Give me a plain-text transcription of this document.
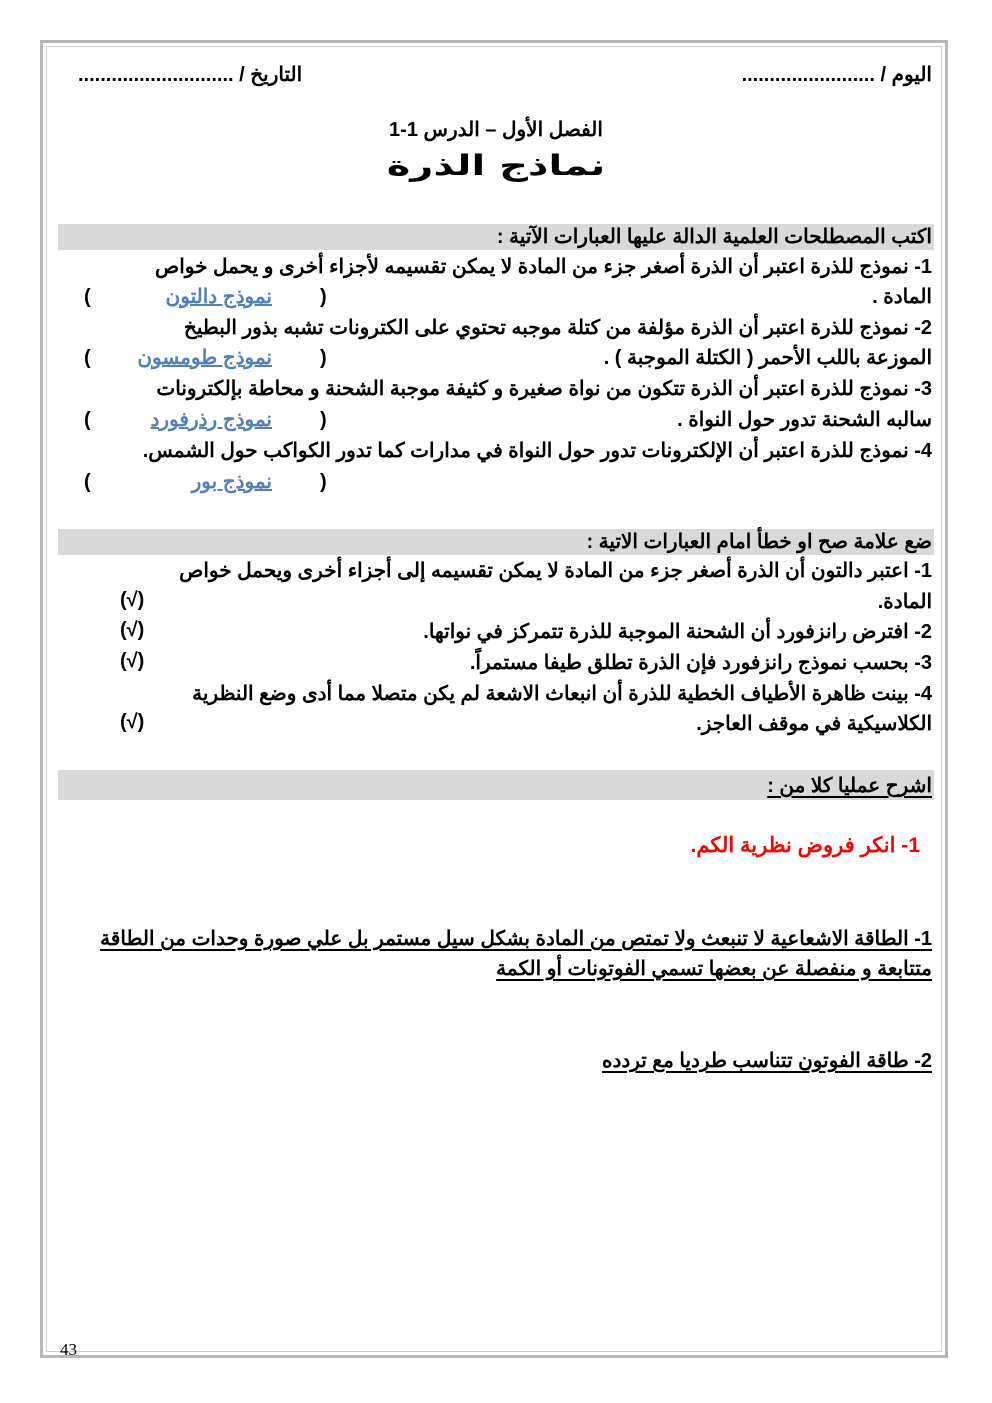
اليوم / ........................
التاريخ / ............................
الفصل الأول – الدرس 1-1
نماذج الذرة
اكتب المصطلحات العلمية الدالة عليها العبارات الآتية :
1- نموذج للذرة اعتبر أن الذرة أصغر جزء من المادة لا يمكن تقسيمه لأجزاء أخرى و يحمل خواص
المادة .
2- نموذج للذرة اعتبر أن الذرة مؤلفة من كتلة موجبه تحتوي على الكترونات تشبه بذور البطيخ
الموزعة باللب الأحمر ( الكتلة الموجبة ) .
3- نموذج للذرة اعتبر أن الذرة تتكون من نواة صغيرة و كثيفة موجبة الشحنة و محاطة بإلكترونات
سالبه الشحنة تدور حول النواة .
4- نموذج للذرة اعتبر أن الإلكترونات تدور حول النواة في مدارات كما تدور الكواكب حول الشمس.
(
نموذج دالتون
)
(
نموذج طومسون
)
(
نموذج رذرفورد
)
(
نموذج بور
)
ضع علامة صح او خطأ امام العبارات الاتية :
1- اعتبر دالتون أن الذرة أصغر جزء من المادة لا يمكن تقسيمه إلى أجزاء أخرى ويحمل خواص
المادة.
2- افترض رانزفورد أن الشحنة الموجبة للذرة تتمركز في نواتها.
3- بحسب نموذج رانزفورد فإن الذرة تطلق طيفا مستمراً.
4- بينت ظاهرة الأطياف الخطية للذرة أن انبعاث الاشعة لم يكن متصلا مما أدى وضع النظرية
الكلاسيكية في موقف العاجز.
(√)
(√)
(√)
(√)
اشرح عمليا كلا من :
1- انكر فروض نظرية الكم.
1- الطاقة الاشعاعية لا تنبعث ولا تمتص من المادة بشكل سيل مستمر بل علي صورة وحدات من الطاقة
متتابعة و منفصلة عن بعضها تسمي الفوتونات أو الكمة
2- طاقة الفوتون تتناسب طرديا مع تردده
43
